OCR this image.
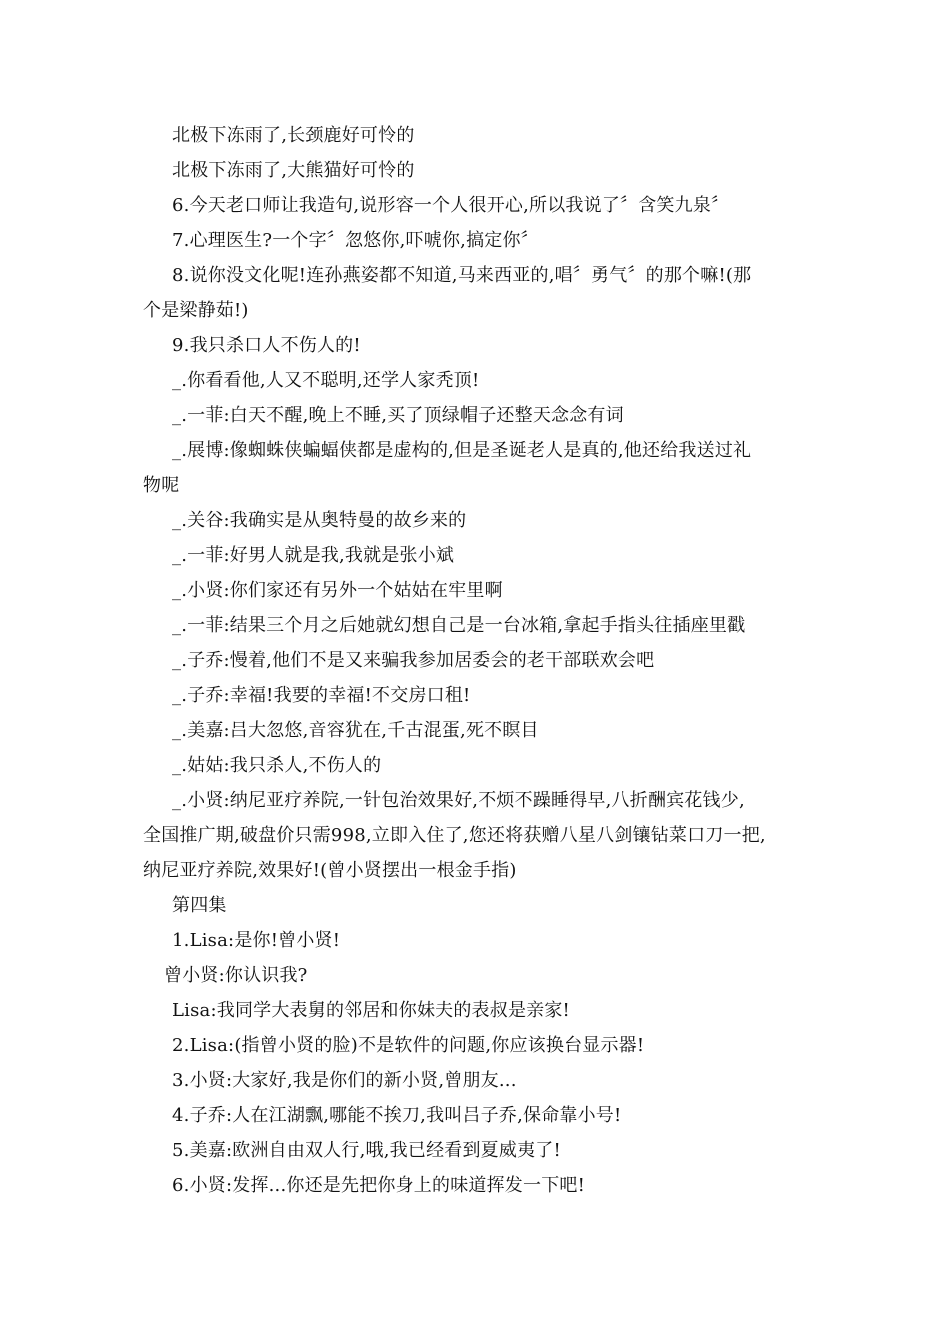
北极下冻雨了,长颈鹿好可怜的
北极下冻雨了,大熊猫好可怜的
6.今天老口师让我造句,说形容一个人很开心,所以我说了〞含笑九泉〞
7.心理医生?一个字〞忽悠你,吓唬你,搞定你〞
8.说你没文化呢!连孙燕姿都不知道,马来西亚的,唱〞勇气〞的那个嘛!(那
个是梁静茹!)
9.我只杀口人不伤人的!
_.你看看他,人又不聪明,还学人家秃顶!
_.一菲:白天不醒,晚上不睡,买了顶绿帽子还整天念念有词
_.展博:像蜘蛛侠蝙蝠侠都是虚构的,但是圣诞老人是真的,他还给我送过礼
物呢
_.关谷:我确实是从奥特曼的故乡来的
_.一菲:好男人就是我,我就是张小斌
_.小贤:你们家还有另外一个姑姑在牢里啊
_.一菲:结果三个月之后她就幻想自己是一台冰箱,拿起手指头往插座里戳
_.子乔:慢着,他们不是又来骗我参加居委会的老干部联欢会吧
_.子乔:幸福!我要的幸福!不交房口租!
_.美嘉:吕大忽悠,音容犹在,千古混蛋,死不瞑目
_.姑姑:我只杀人,不伤人的
_.小贤:纳尼亚疗养院,一针包治效果好,不烦不躁睡得早,八折酬宾花钱少,
全国推广期,破盘价只需998,立即入住了,您还将获赠八星八剑镶钻菜口刀一把,
纳尼亚疗养院,效果好!(曾小贤摆出一根金手指)
第四集
1.Lisa:是你!曾小贤!
曾小贤:你认识我?
Lisa:我同学大表舅的邻居和你妹夫的表叔是亲家!
2.Lisa:(指曾小贤的脸)不是软件的问题,你应该换台显示器!
3.小贤:大家好,我是你们的新小贤,曾朋友...
4.子乔:人在江湖飘,哪能不挨刀,我叫吕子乔,保命靠小号!
5.美嘉:欧洲自由双人行,哦,我已经看到夏威夷了!
6.小贤:发挥...你还是先把你身上的味道挥发一下吧!
